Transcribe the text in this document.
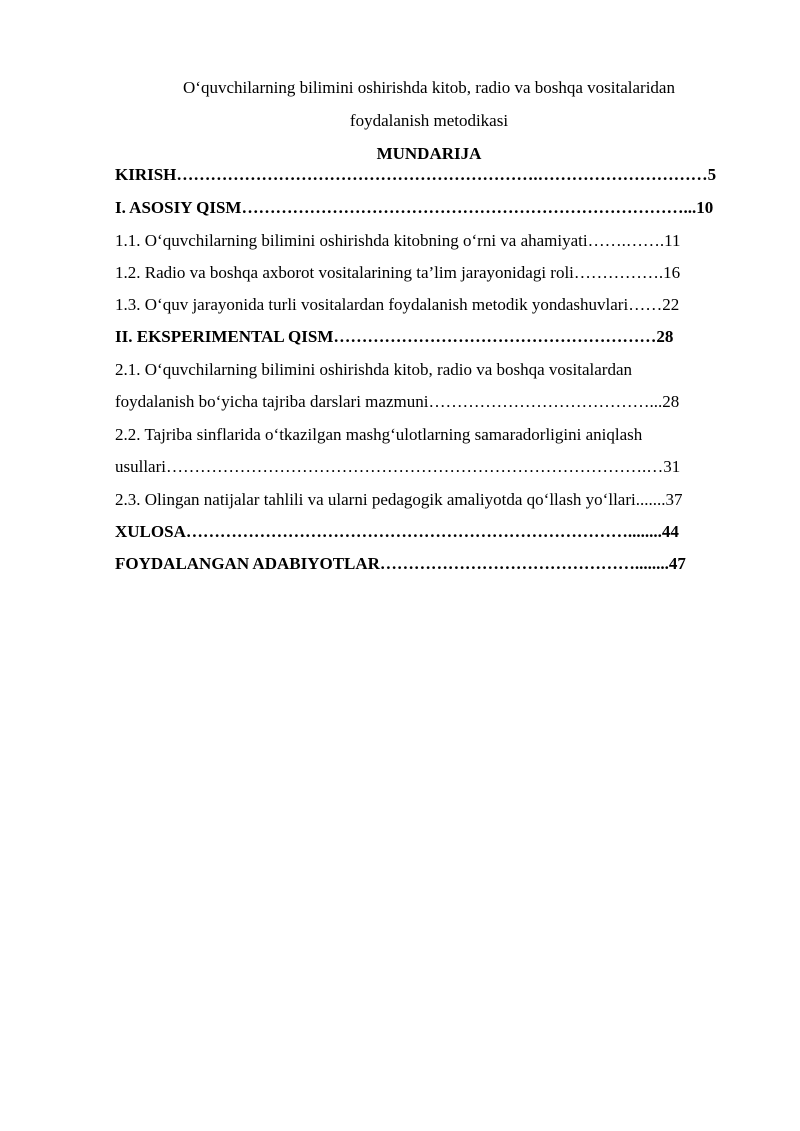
O‘quvchilarning bilimini oshirishda kitob, radio va boshqa vositalaridan
foydalanish metodikasi
MUNDARIJA
KIRISH……………………………………………………….…………………………5
I. ASOSIY QISM……………………………………………………………………...10
1.1. O‘quvchilarning bilimini oshirishda kitobning o‘rni va ahamiyati…….…….11
1.2. Radio va boshqa axborot vositalarining ta’lim jarayonidagi roli…………….16
1.3. O‘quv jarayonida turli vositalardan foydalanish metodik yondashuvlari……22
II. EKSPERIMENTAL QISM…………………………………………………28
2.1. O‘quvchilarning bilimini oshirishda kitob, radio va boshqa vositalardan
foydalanish bo‘yicha tajriba darslari mazmuni…………………………………...28
2.2. Tajriba sinflarida o‘tkazilgan mashg‘ulotlarning samaradorligini aniqlash
usullari………………………………………………………………………….…31
2.3. Olingan natijalar tahlili va ularni pedagogik amaliyotda qo‘llash yo‘llari.......37
XULOSA……………………………………………………………………........44
FOYDALANGAN ADABIYOTLAR………………………………………........47
